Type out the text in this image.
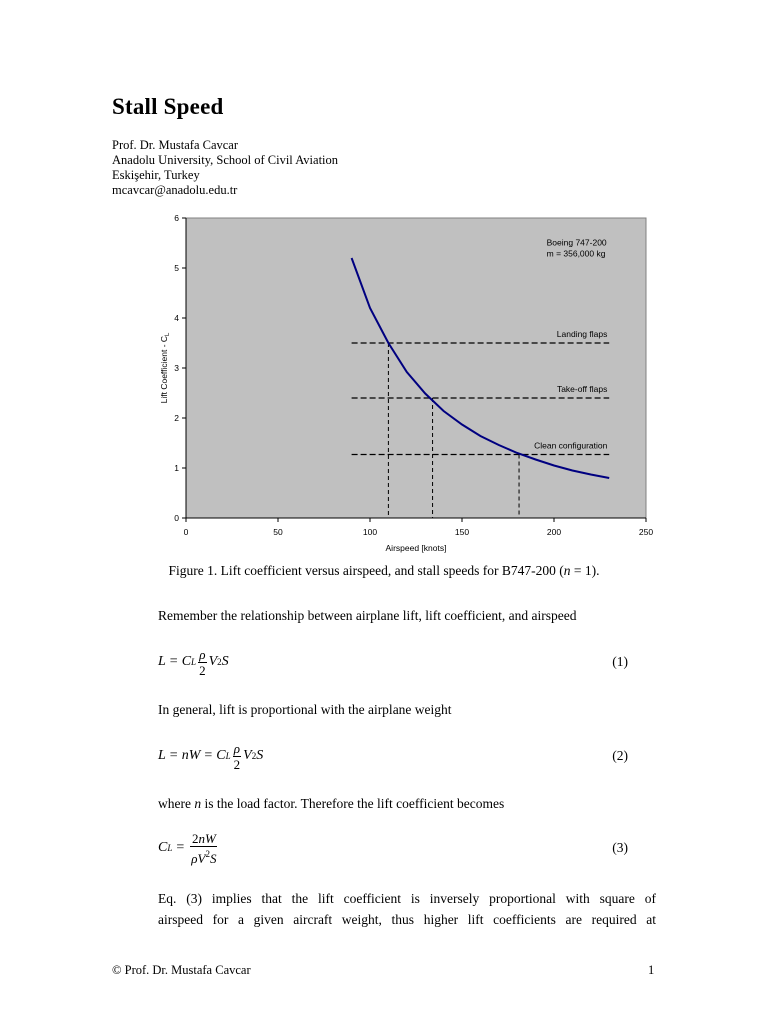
Stall Speed
Prof. Dr. Mustafa Cavcar
Anadolu University, School of Civil Aviation
Eskişehir, Turkey
mcavcar@anadolu.edu.tr
Landing flaps
Take-off flaps
Clean configuration
0	50	100	150	200	250
0
1
2
3
4
5
6
Boeing 747-200
m = 356,000 kg
Airspeed [knots]
Lift Coefficient - $C_L$
Figure 1. Lift coefficient versus airspeed, and stall speeds for B747-200 (n = 1).
Remember the relationship between airplane lift, lift coefficient, and airspeed
L = C L $\frac{\rho}{2}$ V 2 S	(1)
In general, lift is proportional with the airplane weight
L = nW = C L $\frac{\rho}{2}$ V 2 S	(2)
where n is the load factor. Therefore the lift coefficient becomes
C $L = \frac{2nW}{\rho V^2S}$	(3)
Eq. (3) implies that the lift coefficient is inversely proportional with square of
airspeed for a given aircraft weight, thus higher lift coefficients are required at
© Prof. Dr. Mustafa Cavcar	1
